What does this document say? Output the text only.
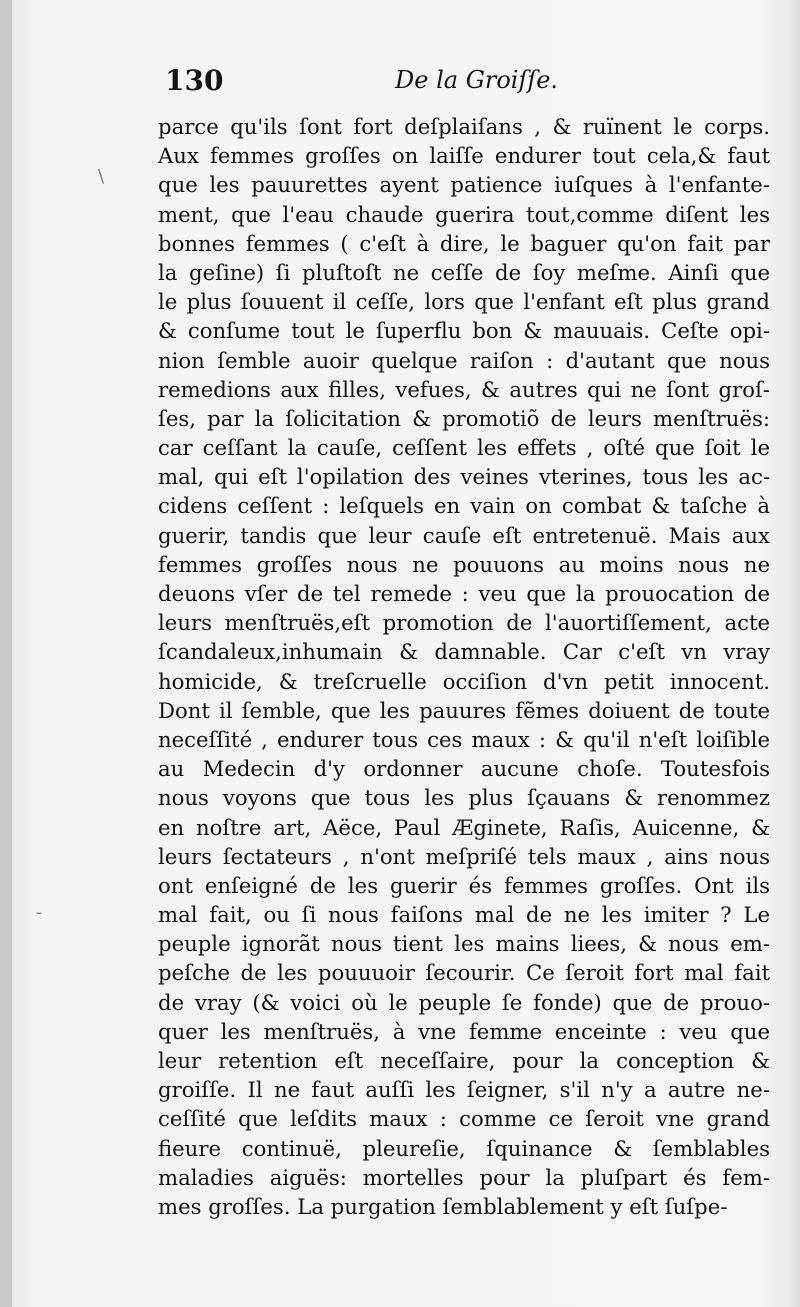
130	De la Groiſſe.
parce qu'ils ſont fort deſplaiſans , & ruïnent le corps.
Aux femmes groſſes on laiſſe endurer tout cela,& faut
que les pauurettes ayent patience iuſques à l'enfante-
ment, que l'eau chaude guerira tout,comme diſent les
bonnes femmes ( c'eſt à dire, le baguer qu'on fait par
la geſine) ſi pluſtoſt ne ceſſe de ſoy meſme. Ainſi que
le plus ſouuent il ceſſe, lors que l'enfant eſt plus grand
& conſume tout le ſuperflu bon & mauuais. Ceſte opi-
nion ſemble auoir quelque raiſon : d'autant que nous
remedions aux filles, vefues, & autres qui ne ſont groſ-
ſes, par la ſolicitation & promotiõ de leurs menſtruës:
car ceſſant la cauſe, ceſſent les effets , oſté que ſoit le
mal, qui eſt l'opilation des veines vterines, tous les ac-
cidens ceſſent : leſquels en vain on combat & taſche à
guerir, tandis que leur cauſe eſt entretenuë. Mais aux
femmes groſſes nous ne pouuons au moins nous ne
deuons vſer de tel remede : veu que la prouocation de
leurs menſtruës,eſt promotion de l'auortiſſement, acte
ſcandaleux,inhumain & damnable. Car c'eſt vn vray
homicide, & treſcruelle occiſion d'vn petit innocent.
Dont il ſemble, que les pauures fẽmes doiuent de toute
neceſſité , endurer tous ces maux : & qu'il n'eſt loiſible
au Medecin d'y ordonner aucune choſe. Toutesfois
nous voyons que tous les plus ſçauans & renommez
en noſtre art, Aëce, Paul Æginete, Raſis, Auicenne, &
leurs ſectateurs , n'ont meſpriſé tels maux , ains nous
ont enſeigné de les guerir és femmes groſſes. Ont ils
mal fait, ou ſi nous faiſons mal de ne les imiter ? Le
peuple ignorãt nous tient les mains liees, & nous em-
peſche de les pouuuoir ſecourir. Ce ſeroit fort mal fait
de vray (& voici où le peuple ſe fonde) que de prouo-
quer les menſtruës, à vne femme enceinte : veu que
leur retention eſt neceſſaire, pour la conception &
groiſſe. Il ne faut auſſi les ſeigner, s'il n'y a autre ne-
ceſſité que leſdits maux : comme ce ſeroit vne grand
fieure continuë, pleureſie, ſquinance & ſemblables
maladies aiguës: mortelles pour la pluſpart és fem-
mes groſſes. La purgation ſemblablement y eſt ſuſpe-
\
-
